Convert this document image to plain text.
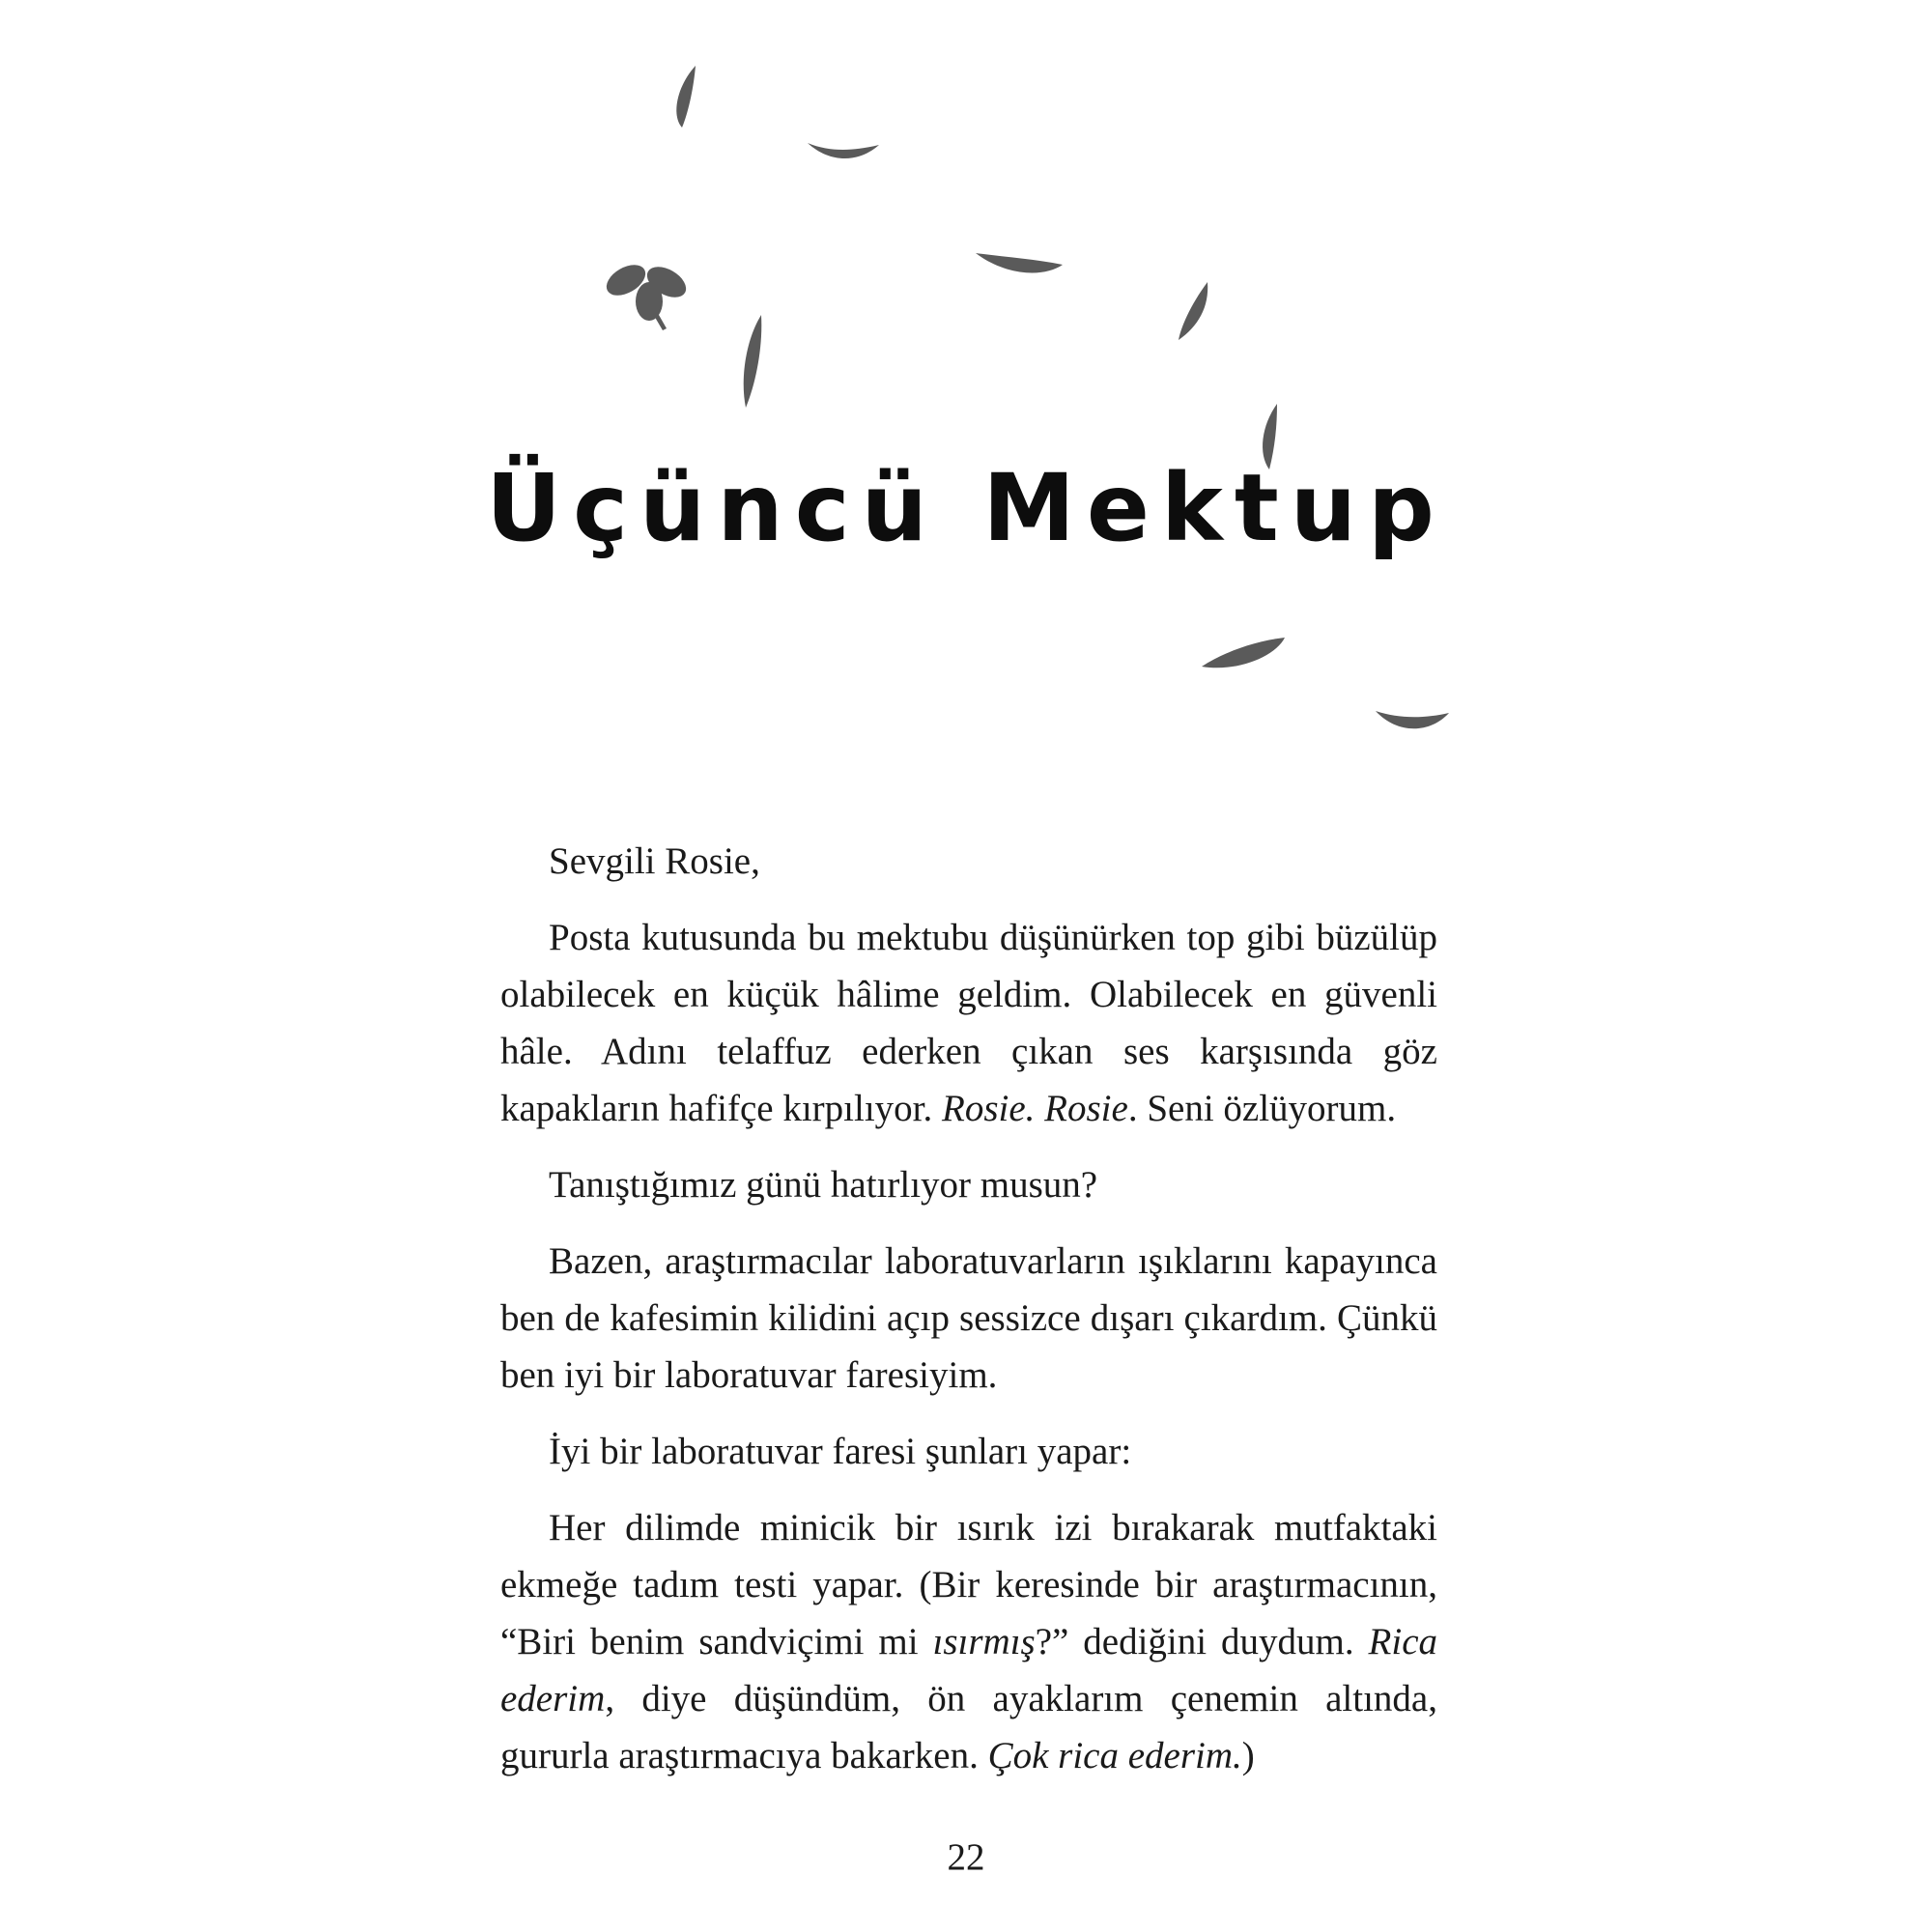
Üçüncü Mektup

Sevgili Rosie,

Posta kutusunda bu mektubu düşünürken top gibi büzülüp olabilecek en küçük hâlime geldim. Olabilecek en güvenli hâle. Adını telaffuz ederken çıkan ses karşısında göz kapakların hafifçe kırpılıyor. Rosie. Rosie. Seni özlüyorum.

Tanıştığımız günü hatırlıyor musun?

Bazen, araştırmacılar laboratuvarların ışıklarını kapayınca ben de kafesimin kilidini açıp sessizce dışarı çıkardım. Çünkü ben iyi bir laboratuvar faresiyim.

İyi bir laboratuvar faresi şunları yapar:

Her dilimde minicik bir ısırık izi bırakarak mutfaktaki ekmeğe tadım testi yapar. (Bir keresinde bir araştırmacının, “Biri benim sandviçimi mi ısırmış?” dediğini duydum. Rica ederim, diye düşündüm, ön ayaklarım çenemin altında, gururla araştırmacıya bakarken. Çok rica ederim.)

22
